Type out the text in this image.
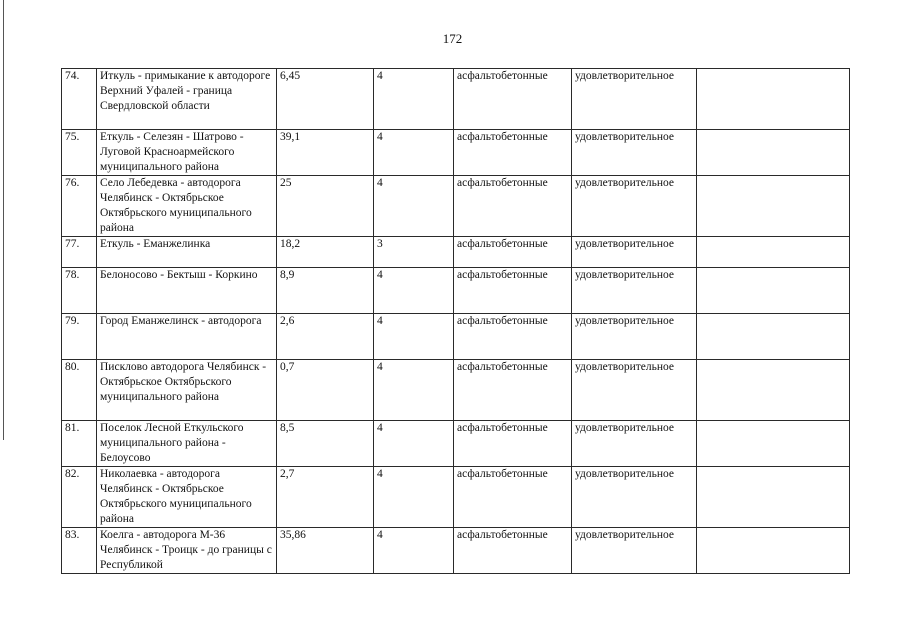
172
74.	Иткуль - примыкание к автодороге Верхний Уфалей - граница Свердловской области	6,45	4	асфальтобетонные	удовлетворительное	
75.	Еткуль - Селезян - Шатрово - Луговой Красноармейского муниципального района	39,1	4	асфальтобетонные	удовлетворительное	
76.	Село Лебедевка - автодорога Челябинск - Октябрьское Октябрьского муниципального района	25	4	асфальтобетонные	удовлетворительное	
77.	Еткуль - Еманжелинка	18,2	3	асфальтобетонные	удовлетворительное	
78.	Белоносово - Бектыш - Коркино	8,9	4	асфальтобетонные	удовлетворительное	
79.	Город Еманжелинск - автодорога	2,6	4	асфальтобетонные	удовлетворительное	
80.	Писклово автодорога Челябинск - Октябрьское Октябрьского муниципального района	0,7	4	асфальтобетонные	удовлетворительное	
81.	Поселок Лесной Еткульского муниципального района - Белоусово	8,5	4	асфальтобетонные	удовлетворительное	
82.	Николаевка - автодорога Челябинск - Октябрьское Октябрьского муниципального района	2,7	4	асфальтобетонные	удовлетворительное	
83.	Коелга - автодорога М-36 Челябинск - Троицк - до границы с Республикой	35,86	4	асфальтобетонные	удовлетворительное	
